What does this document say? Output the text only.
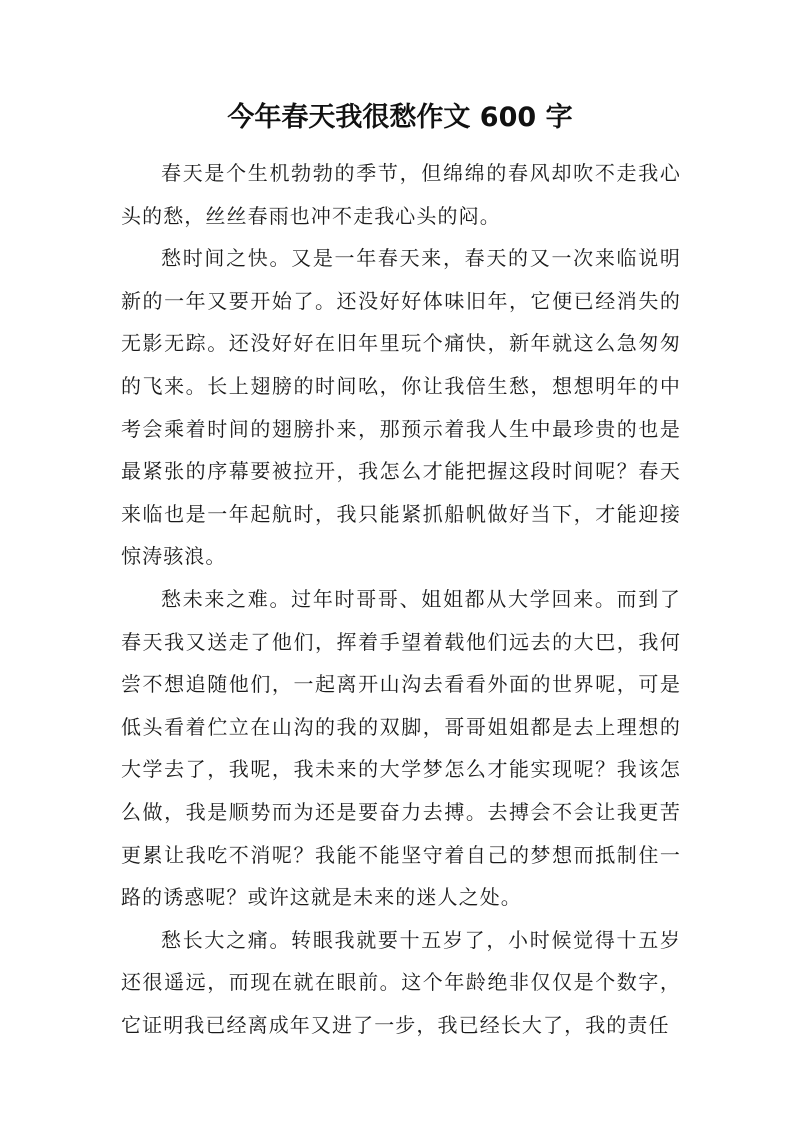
今年春天我很愁作文 600 字

春天是个生机勃勃的季节，但绵绵的春风却吹不走我心头的愁，丝丝春雨也冲不走我心头的闷。

愁时间之快。又是一年春天来，春天的又一次来临说明新的一年又要开始了。还没好好体味旧年，它便已经消失的无影无踪。还没好好在旧年里玩个痛快，新年就这么急匆匆的飞来。长上翅膀的时间吆，你让我倍生愁，想想明年的中考会乘着时间的翅膀扑来，那预示着我人生中最珍贵的也是最紧张的序幕要被拉开，我怎么才能把握这段时间呢？春天来临也是一年起航时，我只能紧抓船帆做好当下，才能迎接惊涛骇浪。

愁未来之难。过年时哥哥、姐姐都从大学回来。而到了春天我又送走了他们，挥着手望着载他们远去的大巴，我何尝不想追随他们，一起离开山沟去看看外面的世界呢，可是低头看着伫立在山沟的我的双脚，哥哥姐姐都是去上理想的大学去了，我呢，我未来的大学梦怎么才能实现呢？我该怎么做，我是顺势而为还是要奋力去搏。去搏会不会让我更苦更累让我吃不消呢？我能不能坚守着自己的梦想而抵制住一路的诱惑呢？或许这就是未来的迷人之处。

愁长大之痛。转眼我就要十五岁了，小时候觉得十五岁还很遥远，而现在就在眼前。这个年龄绝非仅仅是个数字，它证明我已经离成年又进了一步，我已经长大了，我的责任
